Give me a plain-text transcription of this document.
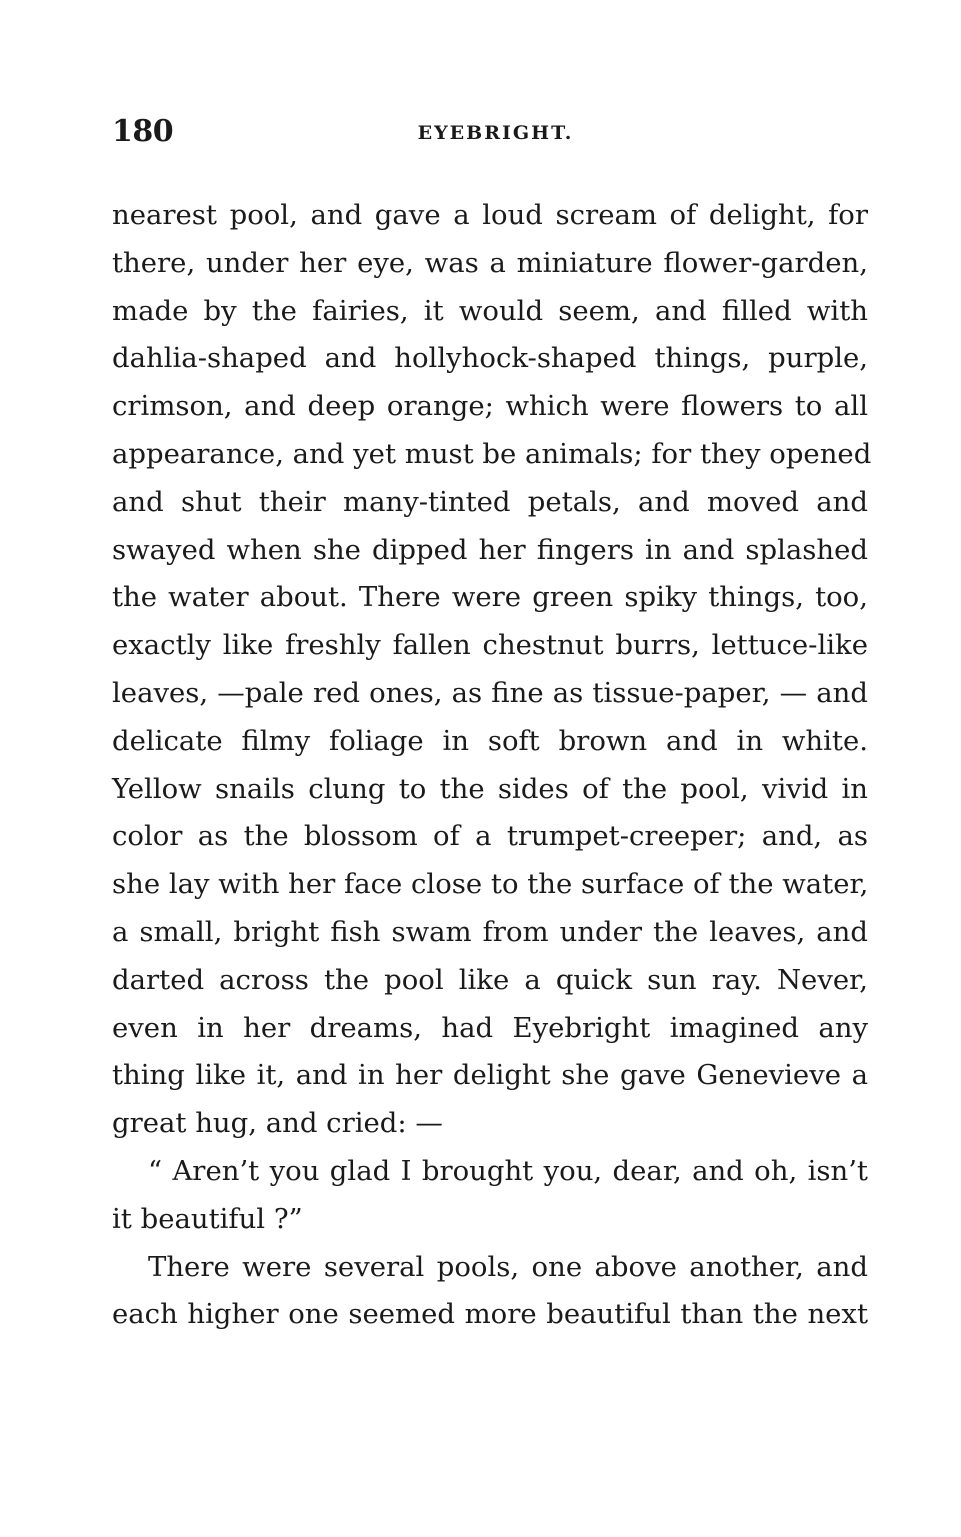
180	EYEBRIGHT.
nearest pool, and gave a loud scream of delight, for
there, under her eye, was a miniature flower-garden,
made by the fairies, it would seem, and filled with
dahlia-shaped and hollyhock-shaped things, purple,
crimson, and deep orange; which were flowers to all
appearance, and yet must be animals; for they opened
and shut their many-tinted petals, and moved and
swayed when she dipped her fingers in and splashed
the water about. There were green spiky things, too,
exactly like freshly fallen chestnut burrs, lettuce-like
leaves, —pale red ones, as fine as tissue-paper, — and
delicate filmy foliage in soft brown and in white.
Yellow snails clung to the sides of the pool, vivid in
color as the blossom of a trumpet-creeper; and, as
she lay with her face close to the surface of the water,
a small, bright fish swam from under the leaves, and
darted across the pool like a quick sun ray. Never,
even in her dreams, had Eyebright imagined any
thing like it, and in her delight she gave Genevieve a
great hug, and cried: —
“ Aren’t you glad I brought you, dear, and oh, isn’t
it beautiful ?”
There were several pools, one above another, and
each higher one seemed more beautiful than the next
